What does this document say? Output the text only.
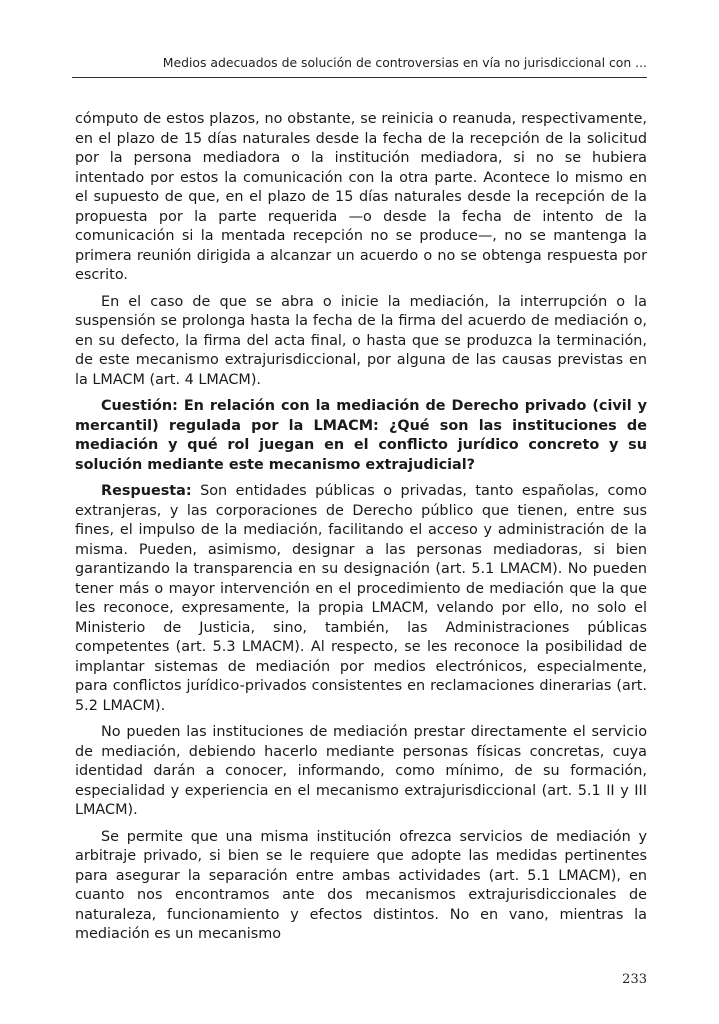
Medios adecuados de solución de controversias en vía no jurisdiccional con ...

cómputo de estos plazos, no obstante, se reinicia o reanuda, respectivamente, en el plazo de 15 días naturales desde la fecha de la recepción de la solicitud por la persona mediadora o la institución mediadora, si no se hubiera intentado por estos la comunicación con la otra parte. Acontece lo mismo en el supuesto de que, en el plazo de 15 días naturales desde la recepción de la propuesta por la parte requerida —o desde la fecha de intento de la comunicación si la mentada recepción no se produce—, no se mantenga la primera reunión dirigida a alcanzar un acuerdo o no se obtenga respuesta por escrito.

En el caso de que se abra o inicie la mediación, la interrupción o la suspensión se prolonga hasta la fecha de la firma del acuerdo de mediación o, en su defecto, la firma del acta final, o hasta que se produzca la terminación, de este mecanismo extrajurisdiccional, por alguna de las causas previstas en la LMACM (art. 4 LMACM).

Cuestión: En relación con la mediación de Derecho privado (civil y mercantil) regulada por la LMACM: ¿Qué son las instituciones de mediación y qué rol juegan en el conflicto jurídico concreto y su solución mediante este mecanismo extrajudicial?

Respuesta: Son entidades públicas o privadas, tanto españolas, como extranjeras, y las corporaciones de Derecho público que tienen, entre sus fines, el impulso de la mediación, facilitando el acceso y administración de la misma. Pueden, asimismo, designar a las personas mediadoras, si bien garantizando la transparencia en su designación (art. 5.1 LMACM). No pueden tener más o mayor intervención en el procedimiento de mediación que la que les reconoce, expresamente, la propia LMACM, velando por ello, no solo el Ministerio de Justicia, sino, también, las Administraciones públicas competentes (art. 5.3 LMACM). Al respecto, se les reconoce la posibilidad de implantar sistemas de mediación por medios electrónicos, especialmente, para conflictos jurídico-privados consistentes en reclamaciones dinerarias (art. 5.2 LMACM).

No pueden las instituciones de mediación prestar directamente el servicio de mediación, debiendo hacerlo mediante personas físicas concretas, cuya identidad darán a conocer, informando, como mínimo, de su formación, especialidad y experiencia en el mecanismo extrajurisdiccional (art. 5.1 II y III LMACM).

Se permite que una misma institución ofrezca servicios de mediación y arbitraje privado, si bien se le requiere que adopte las medidas pertinentes para asegurar la separación entre ambas actividades (art. 5.1 LMACM), en cuanto nos encontramos ante dos mecanismos extrajurisdiccionales de naturaleza, funcionamiento y efectos distintos. No en vano, mientras la mediación es un mecanismo

233
